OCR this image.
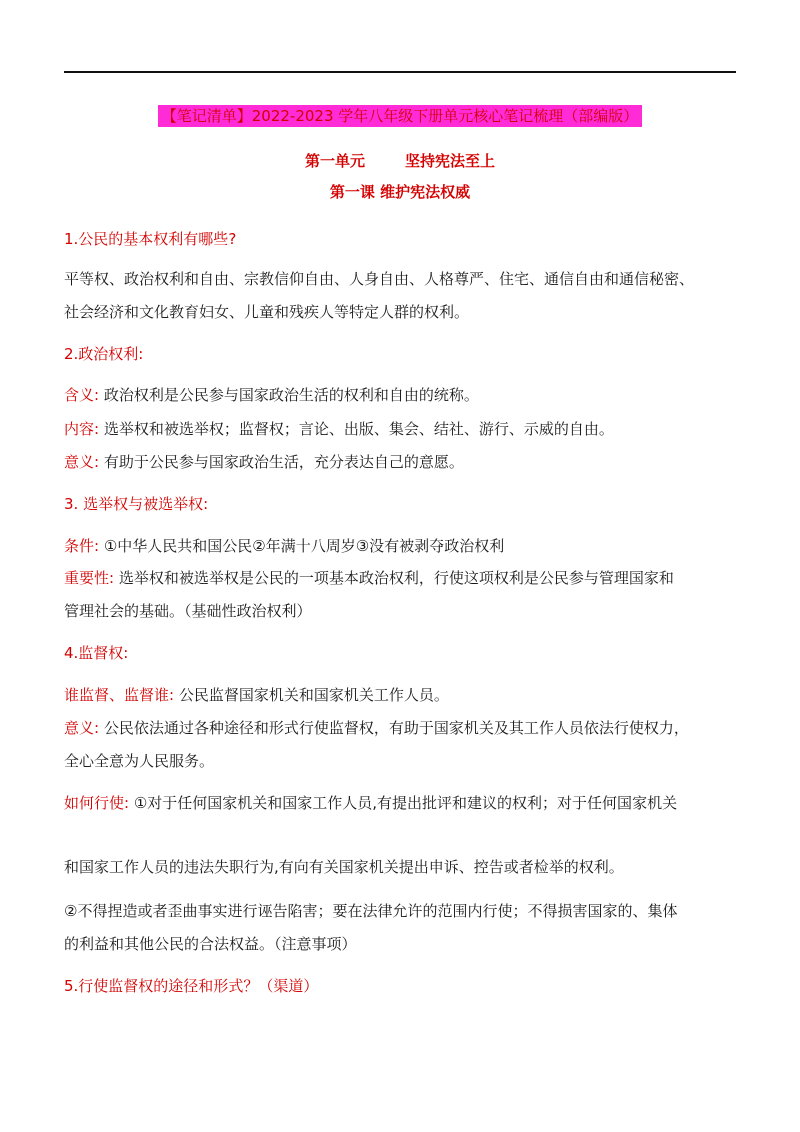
【笔记清单】2022-2023 学年八年级下册单元核心笔记梳理（部编版）
第一单元	坚持宪法至上
第一课 维护宪法权威
1.公民的基本权利有哪些?
平等权、政治权利和自由、宗教信仰自由、人身自由、人格尊严、住宅、通信自由和通信秘密、
社会经济和文化教育妇女、儿童和残疾人等特定人群的权利。
2.政治权利:
含义: 政治权利是公民参与国家政治生活的权利和自由的统称。
内容: 选举权和被选举权；监督权；言论、出版、集会、结社、游行、示威的自由。
意义: 有助于公民参与国家政治生活，充分表达自己的意愿。
3. 选举权与被选举权:
条件: ①中华人民共和国公民②年满十八周岁③没有被剥夺政治权利
重要性: 选举权和被选举权是公民的一项基本政治权利，行使这项权利是公民参与管理国家和
管理社会的基础。（基础性政治权利）
4.监督权:
谁监督、监督谁: 公民监督国家机关和国家机关工作人员。
意义: 公民依法通过各种途径和形式行使监督权，有助于国家机关及其工作人员依法行使权力，
全心全意为人民服务。
如何行使: ①对于任何国家机关和国家工作人员,有提出批评和建议的权利；对于任何国家机关
和国家工作人员的违法失职行为,有向有关国家机关提出申诉、控告或者检举的权利。
②不得捏造或者歪曲事实进行诬告陷害；要在法律允许的范围内行使；不得损害国家的、集体
的利益和其他公民的合法权益。（注意事项）
5.行使监督权的途径和形式？（渠道）
